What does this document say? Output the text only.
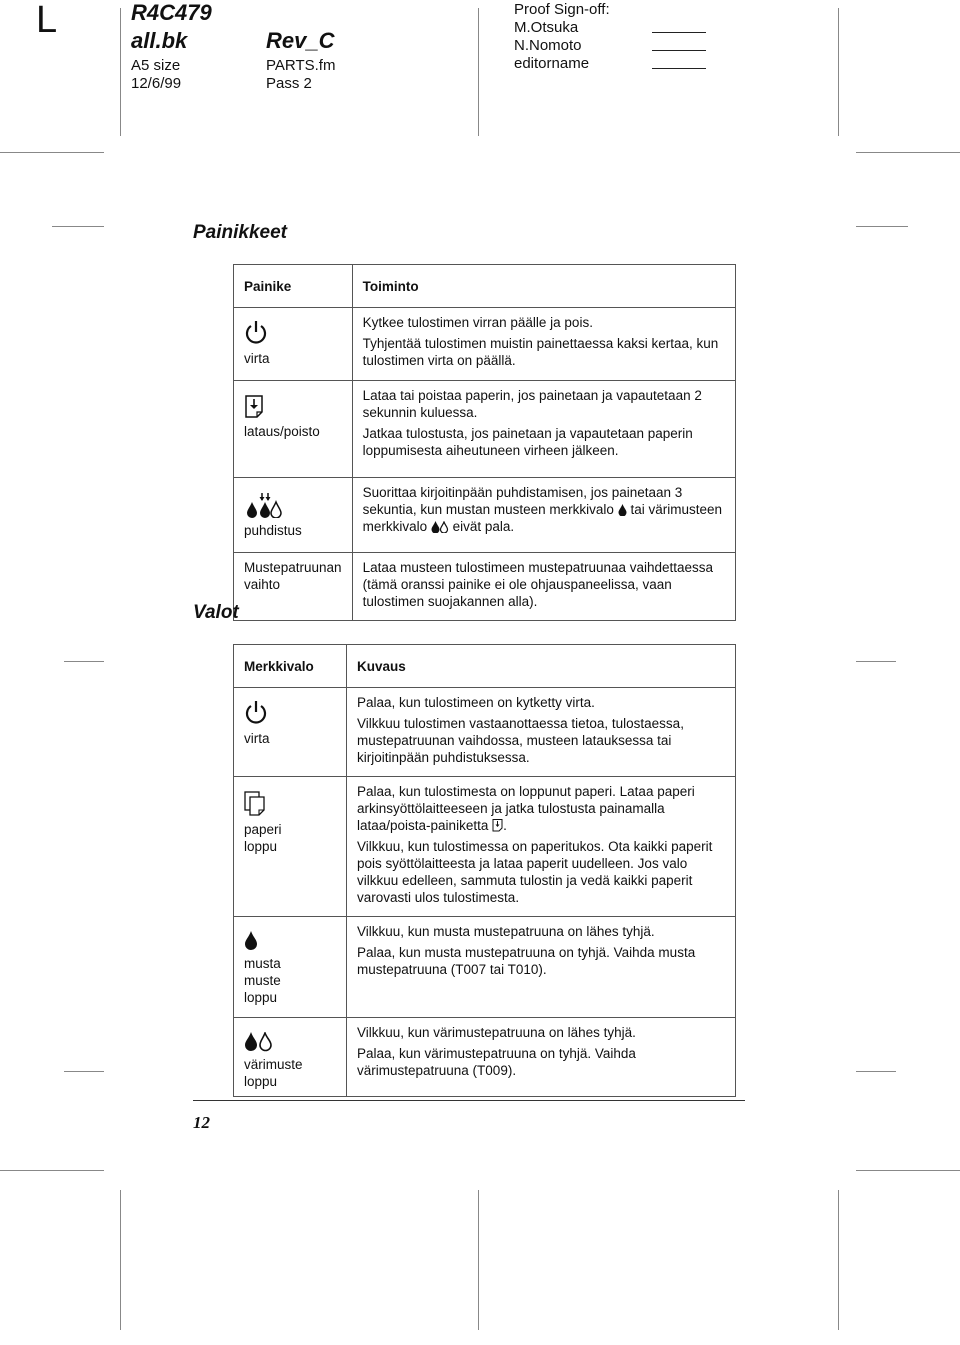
L	R4C479
all.bk
A5 size
12/6/99
Rev_C
PARTS.fm
Pass 2
Proof Sign-off:
M.Otsuka
N.Nomoto
editorname
Painikkeet
Painike	Toiminto

virta	Kytkee tulostimen virran päälle ja pois.

Tyhjentää tulostimen muistin painettaessa kaksi kertaa, kun tulostimen virta on päällä.

lataus/poisto	Lataa tai poistaa paperin, jos painetaan ja vapautetaan 2 sekunnin kuluessa.

Jatkaa tulostusta, jos painetaan ja vapautetaan paperin loppumisesta aiheutuneen virheen jälkeen.

puhdistus	Suorittaa kirjoitinpään puhdistamisen, jos painetaan 3 sekuntia, kun mustan musteen merkkivalo tai värimusteen merkkivalo eivät pala.

Mustepatruunan vaihto	Lataa musteen tulostimeen mustepatruunaa vaihdettaessa (tämä oranssi painike ei ole ohjauspaneelissa, vaan tulostimen suojakannen alla).

Valot
Merkkivalo	Kuvaus

virta	Palaa, kun tulostimeen on kytketty virta.

Vilkkuu tulostimen vastaanottaessa tietoa, tulostaessa, mustepatruunan vaihdossa, musteen latauksessa tai kirjoitinpään puhdistuksessa.

paperi loppu	Palaa, kun tulostimesta on loppunut paperi. Lataa paperi arkinsyöttölaitteeseen ja jatka tulostusta painamalla lataa/poista-painiketta .

Vilkkuu, kun tulostimessa on paperitukos. Ota kaikki paperit pois syöttölaitteesta ja lataa paperit uudelleen. Jos valo vilkkuu edelleen, sammuta tulostin ja vedä kaikki paperit varovasti ulos tulostimesta.

musta muste loppu	Vilkkuu, kun musta mustepatruuna on lähes tyhjä.

Palaa, kun musta mustepatruuna on tyhjä. Vaihda musta mustepatruuna (T007 tai T010).

värimuste loppu	Vilkkuu, kun värimustepatruuna on lähes tyhjä.

Palaa, kun värimustepatruuna on tyhjä. Vaihda värimustepatruuna (T009).

12
